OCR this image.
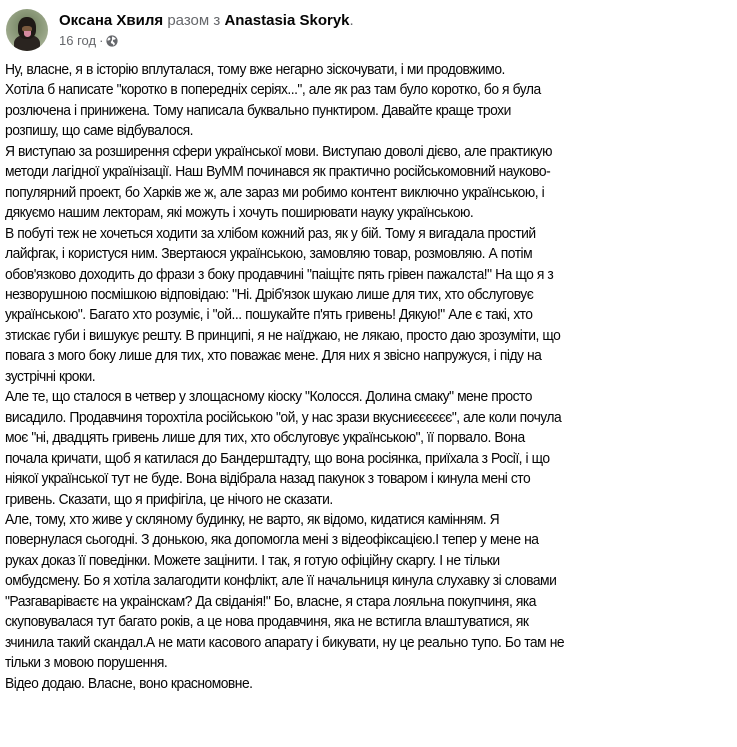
Оксана Хвиля разом з Anastasia Skoryk.
16 год ·

Ну, власне, я в історію вплуталася, тому вже негарно зіскочувати, і ми продовжимо.

Хотіла б написате "коротко в попередніх серіях...", але як раз там було коротко, бо я була

розлючена і принижена. Тому написала буквально пунктиром. Давайте краще трохи

розпишу, що саме відбувалося.

Я виступаю за розширення сфери української мови. Виступаю доволі дієво, але практикую

методи лагідної українізації. Наш ВуММ починався як практично російськомовний науково-

популярний проект, бо Харків же ж, але зараз ми робимо контент виключно українською, і

дякуємо нашим лекторам, які можуть і хочуть поширювати науку українською.

В побуті теж не хочеться ходити за хлібом кожний раз, як у бій. Тому я вигадала простий

лайфгак, і користуся ним. Звертаюся українською, замовляю товар, розмовляю. А потім

обов'язково доходить до фрази з боку продавчині "паіщітє пять грівен пажалста!" На що я з

незворушною посмішкою відповідаю: "Ні. Дріб'язок шукаю лише для тих, хто обслуговує

українською". Багато хто розуміє, і "ой... пошукайте п'ять гривень! Дякую!" Але є такі, хто

зтискає губи і вишукує решту. В принципі, я не наїджаю, не лякаю, просто даю зрозуміти, що

повага з мого боку лише для тих, хто поважає мене. Для них я звісно напружуся, і піду на

зустрічні кроки.

Але те, що сталося в четвер у злощасному кіоску "Колосся. Долина смаку" мене просто

висадило. Продавчиня торохтіла російською "ой, у нас зрази вкусниєєєєєє", але коли почула

моє "ні, двадцять гривень лише для тих, хто обслуговує українською", її порвало. Вона

почала кричати, щоб я катилася до Бандерштадту, що вона росіянка, приїхала з Росії, і що

ніякої української тут не буде. Вона відібрала назад пакунок з товаром і кинула мені сто

гривень. Сказати, що я прифігіла, це нічого не сказати.

Але, тому, хто живе у скляному будинку, не варто, як відомо, кидатися камінням. Я

повернулася сьогодні. З донькою, яка допомогла мені з відеофіксацією.І тепер у мене на

руках доказ її поведінки. Можете зацінити. І так, я готую офіційну скаргу. І не тільки

омбудсмену. Бо я хотіла залагодити конфлікт, але її начальниця кинула слухавку зі словами

"Разгаваріваєтє на украінскам? Да свіданія!" Бо, власне, я стара лояльна покупчиня, яка

скуповувалася тут багато років, а це нова продавчиня, яка не встигла влаштуватися, як

зчинила такий скандал.А не мати касового апарату і бикувати, ну це реально тупо. Бо там не

тільки з мовою порушення.

Відео додаю. Власне, воно красномовне.
